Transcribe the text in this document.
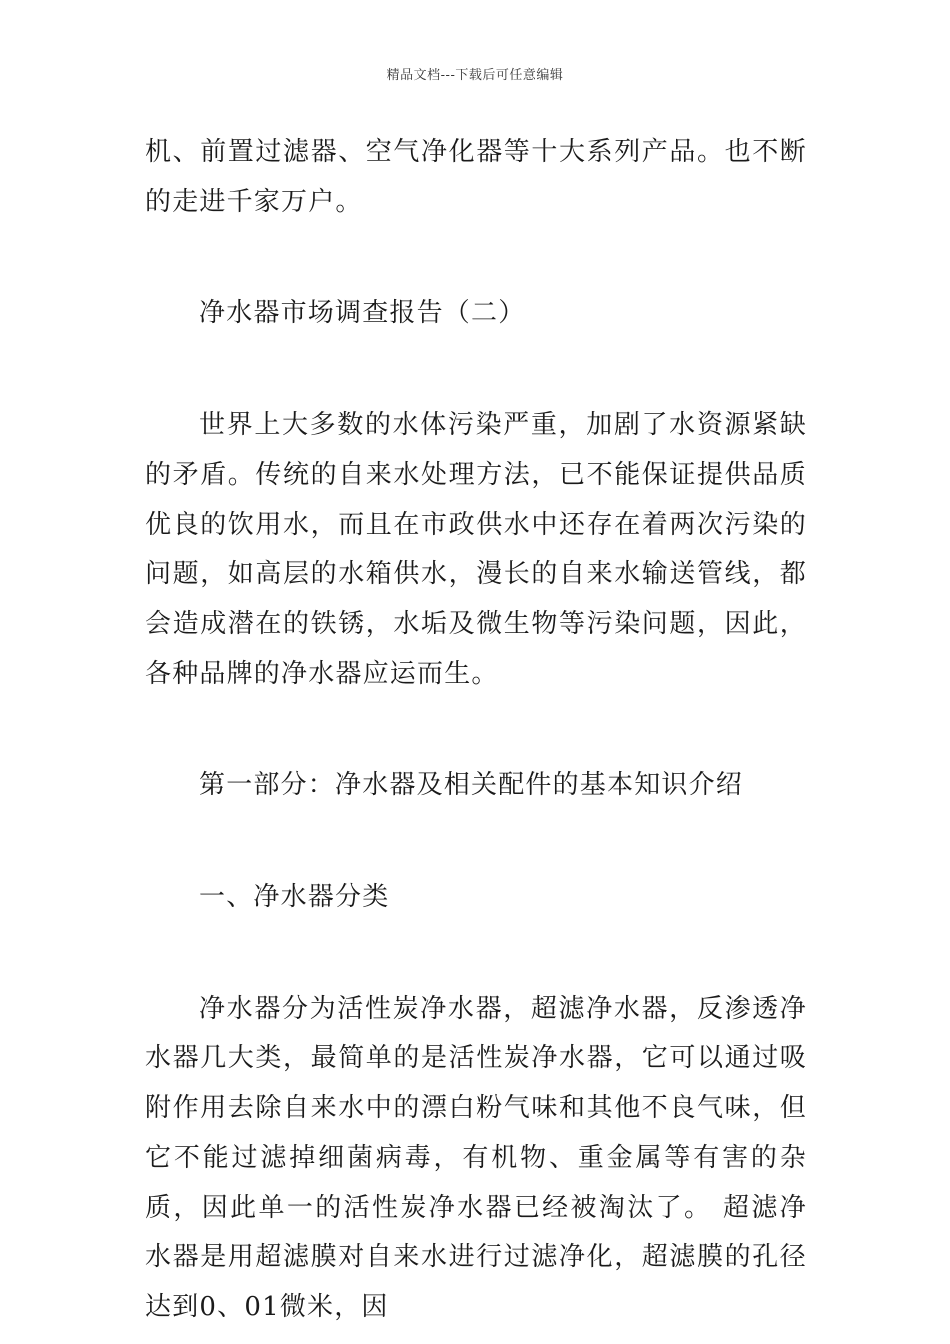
精品文档---下载后可任意编辑

机、前置过滤器、空气净化器等十大系列产品。也不断的走进千家万户。

净水器市场调查报告（二）

世界上大多数的水体污染严重，加剧了水资源紧缺的矛盾。传统的自来水处理方法，已不能保证提供品质优良的饮用水，而且在市政供水中还存在着两次污染的问题，如高层的水箱供水，漫长的自来水输送管线，都会造成潜在的铁锈，水垢及微生物等污染问题，因此，各种品牌的净水器应运而生。

第一部分：净水器及相关配件的基本知识介绍

一、净水器分类

净水器分为活性炭净水器，超滤净水器，反渗透净水器几大类，最简单的是活性炭净水器，它可以通过吸附作用去除自来水中的漂白粉气味和其他不良气味，但它不能过滤掉细菌病毒，有机物、重金属等有害的杂质，因此单一的活性炭净水器已经被淘汰了。 超滤净水器是用超滤膜对自来水进行过滤净化，超滤膜的孔径达到0、01微米，因
